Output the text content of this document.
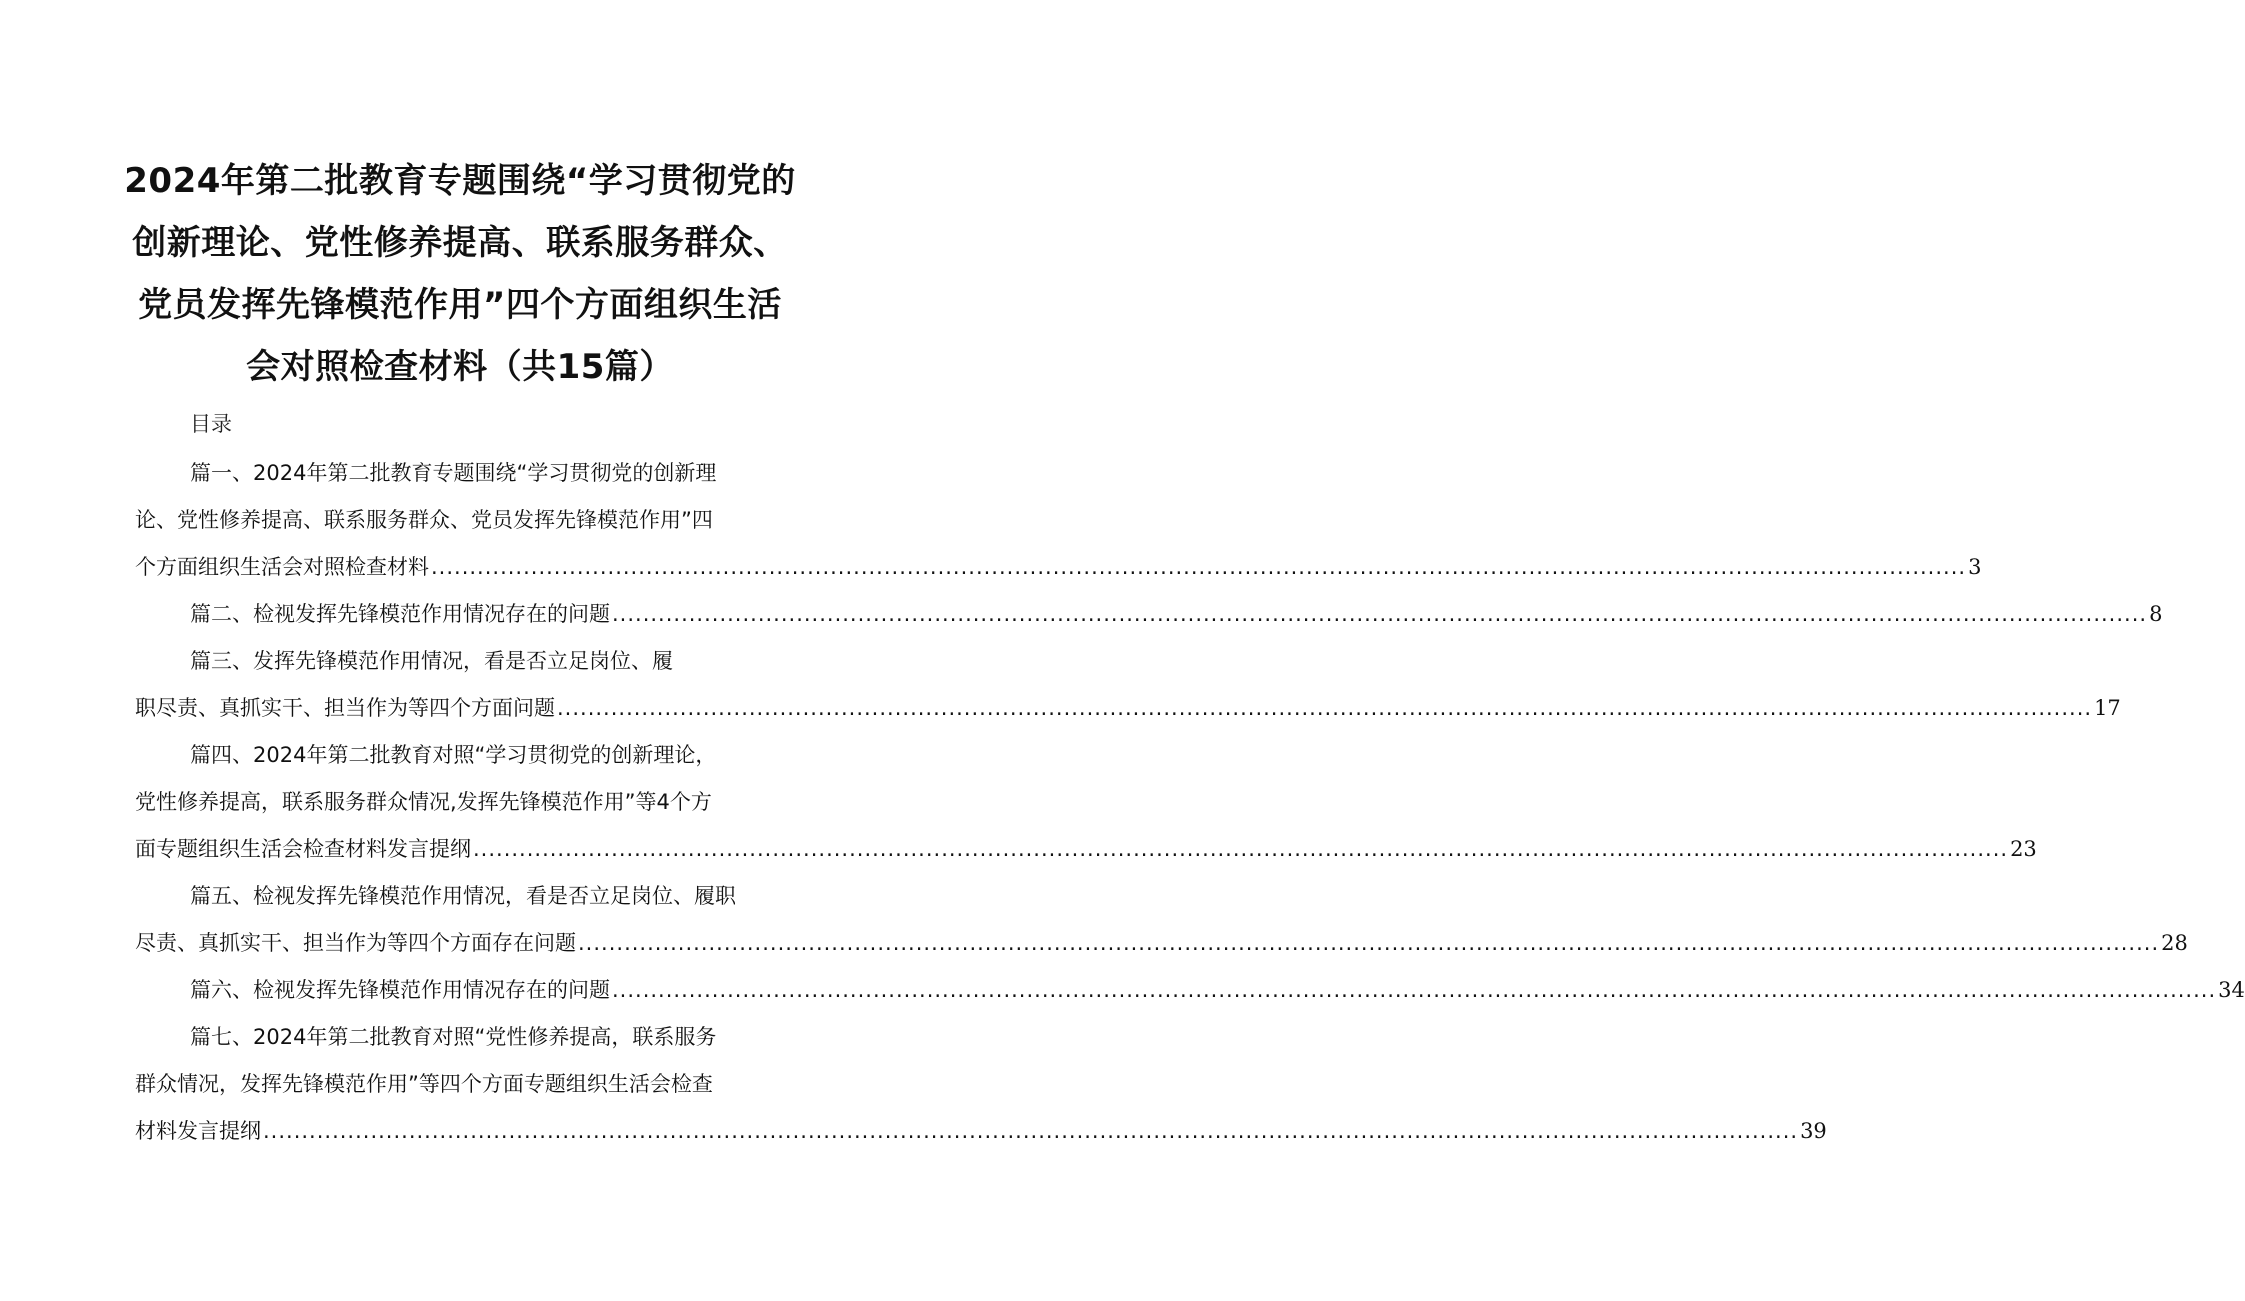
2024年第二批教育专题围绕“学习贯彻党的
创新理论、党性修养提高、联系服务群众、
党员发挥先锋模范作用”四个方面组织生活
会对照检查材料（共15篇）
目录
篇一、2024年第二批教育专题围绕“学习贯彻党的创新理
论、党性修养提高、联系服务群众、党员发挥先锋模范作用”四
个方面组织生活会对照检查材料 .....	3
篇二、检视发挥先锋模范作用情况存在的问题 .....	8
篇三、发挥先锋模范作用情况，看是否立足岗位、履
职尽责、真抓实干、担当作为等四个方面问题 .....	17
篇四、2024年第二批教育对照“学习贯彻党的创新理论，
党性修养提高，联系服务群众情况,发挥先锋模范作用”等4个方
面专题组织生活会检查材料发言提纲 .....	23
篇五、检视发挥先锋模范作用情况，看是否立足岗位、履职
尽责、真抓实干、担当作为等四个方面存在问题 ...... .....	28
篇六、检视发挥先锋模范作用情况存在的问题 ......... .....	34
篇七、2024年第二批教育对照“党性修养提高，联系服务
群众情况，发挥先锋模范作用”等四个方面专题组织生活会检查
材料发言提纲 .....	39
